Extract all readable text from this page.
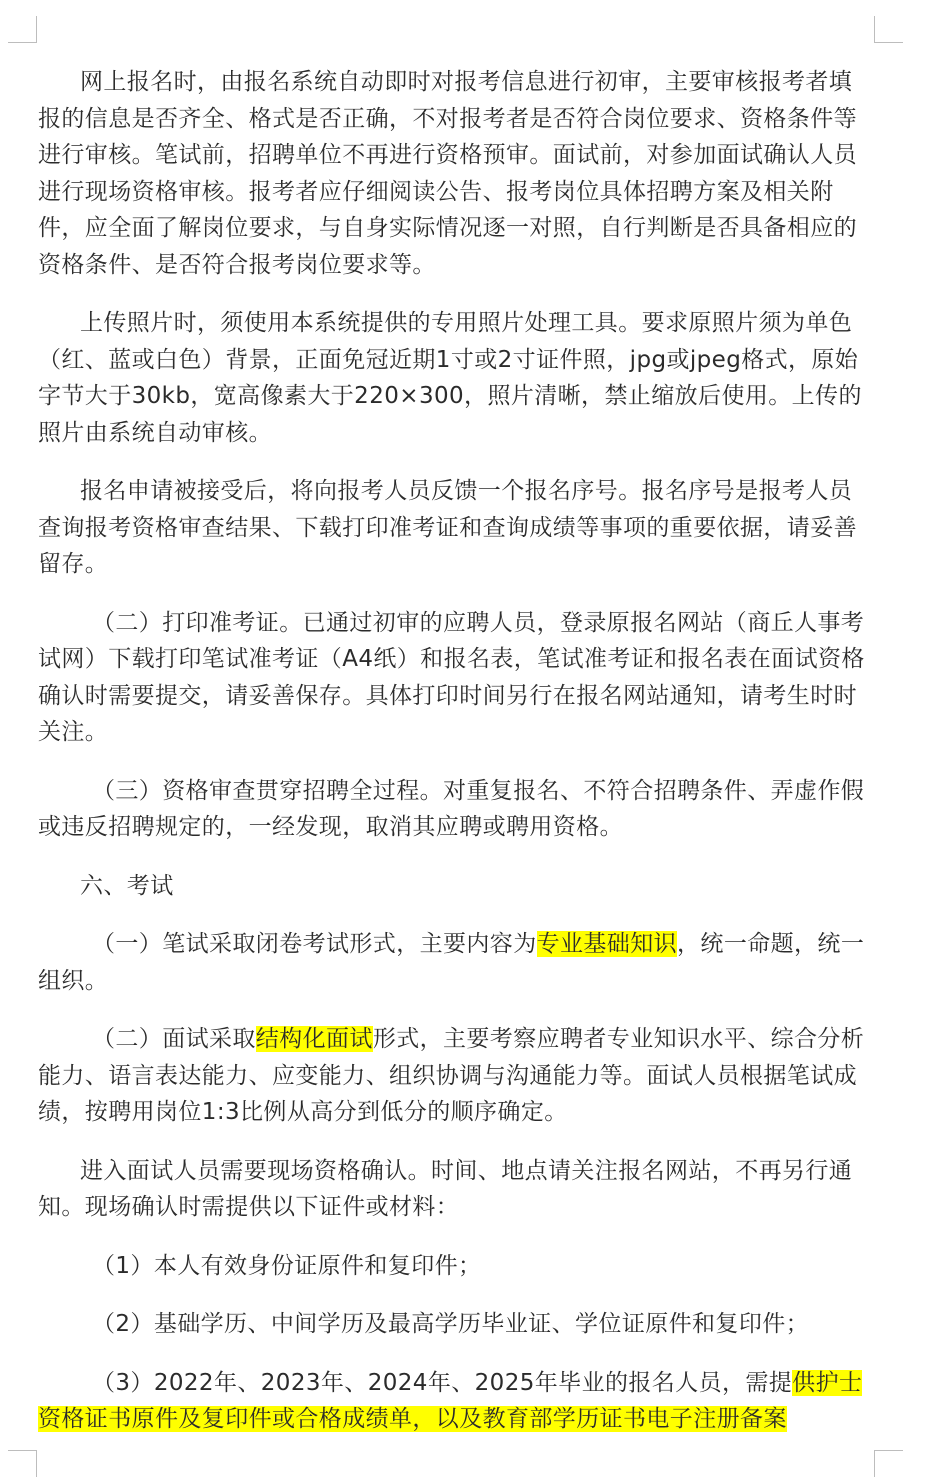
网上报名时，由报名系统自动即时对报考信息进行初审，主要审核报考者填报的信息是否齐全、格式是否正确，不对报考者是否符合岗位要求、资格条件等进行审核。笔试前，招聘单位不再进行资格预审。面试前，对参加面试确认人员进行现场资格审核。报考者应仔细阅读公告、报考岗位具体招聘方案及相关附件，应全面了解岗位要求，与自身实际情况逐一对照，自行判断是否具备相应的资格条件、是否符合报考岗位要求等。

上传照片时，须使用本系统提供的专用照片处理工具。要求原照片须为单色（红、蓝或白色）背景，正面免冠近期1寸或2寸证件照，jpg或jpeg格式，原始字节大于30kb，宽高像素大于220×300，照片清晰，禁止缩放后使用。上传的照片由系统自动审核。

报名申请被接受后，将向报考人员反馈一个报名序号。报名序号是报考人员查询报考资格审查结果、下载打印准考证和查询成绩等事项的重要依据，请妥善留存。

（二）打印准考证。已通过初审的应聘人员，登录原报名网站（商丘人事考试网）下载打印笔试准考证（A4纸）和报名表，笔试准考证和报名表在面试资格确认时需要提交，请妥善保存。具体打印时间另行在报名网站通知，请考生时时关注。

（三）资格审查贯穿招聘全过程。对重复报名、不符合招聘条件、弄虚作假或违反招聘规定的，一经发现，取消其应聘或聘用资格。

六、考试

（一）笔试采取闭卷考试形式，主要内容为专业基础知识，统一命题，统一组织。

（二）面试采取结构化面试形式，主要考察应聘者专业知识水平、综合分析能力、语言表达能力、应变能力、组织协调与沟通能力等。面试人员根据笔试成绩，按聘用岗位1:3比例从高分到低分的顺序确定。

进入面试人员需要现场资格确认。时间、地点请关注报名网站，不再另行通知。现场确认时需提供以下证件或材料：

（1）本人有效身份证原件和复印件；

（2）基础学历、中间学历及最高学历毕业证、学位证原件和复印件；

（3）2022年、2023年、2024年、2025年毕业的报名人员，需提供护士资格证书原件及复印件或合格成绩单，以及教育部学历证书电子注册备案
